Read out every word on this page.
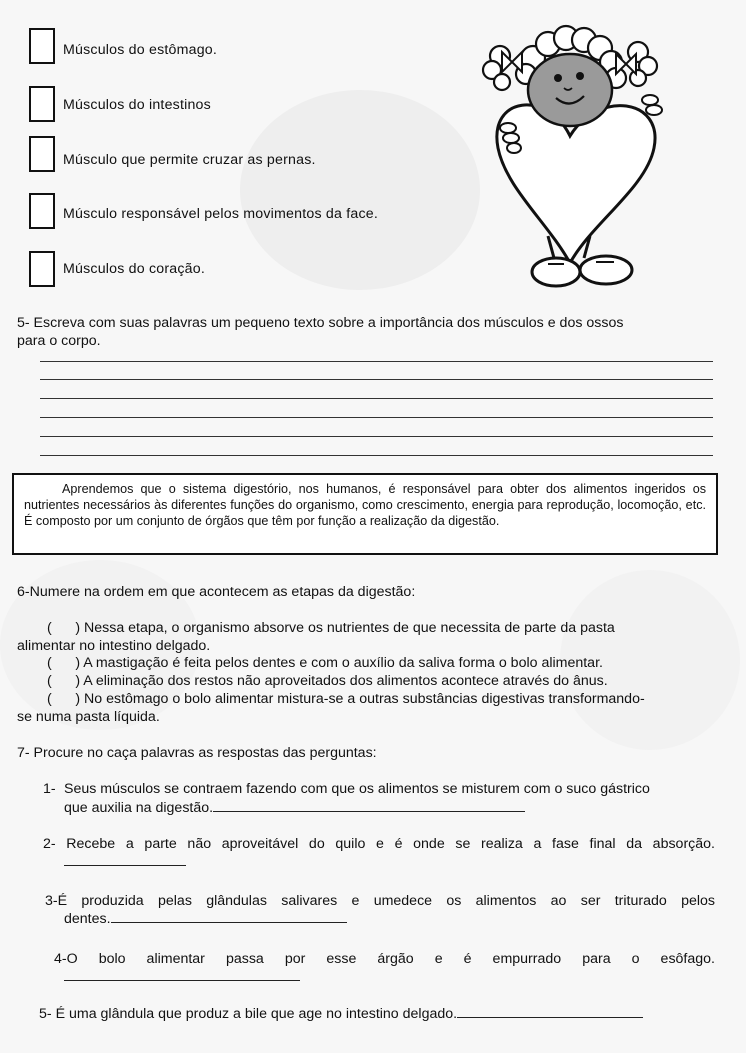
Músculos do estômago.
Músculos do intestinos
Músculo que permite cruzar as pernas.
Músculo responsável pelos movimentos da face.
Músculos do coração.
5- Escreva com suas palavras um pequeno texto sobre a importância dos músculos e dos ossos
para o corpo.

Aprendemos que o sistema digestório, nos humanos, é responsável para obter dos alimentos ingeridos os nutrientes necessários às diferentes funções do organismo, como crescimento, energia para reprodução, locomoção, etc. É composto por um conjunto de órgãos que têm por função a realização da digestão.

6-Numere na ordem em que acontecem as etapas da digestão:
(      ) Nessa etapa, o organismo absorve os nutrientes de que necessita de parte da pasta
alimentar no intestino delgado.
(      ) A mastigação é feita pelos dentes e com o auxílio da saliva forma o bolo alimentar.
(      ) A eliminação dos restos não aproveitados dos alimentos acontece através do ânus.
(      ) No estômago o bolo alimentar mistura-se a outras substâncias digestivas transformando-
se numa pasta líquida.
7- Procure no caça palavras as respostas das perguntas:
1- Seus músculos se contraem fazendo com que os alimentos se misturem com o suco gástrico
que auxilia na digestão.
2- Recebe a parte não aproveitável do quilo e é onde se realiza a fase final da absorção.
3-É produzida pelas glândulas salivares e umedece os alimentos ao ser triturado pelos
dentes.
4-O bolo alimentar passa por esse árgão e é empurrado para o esôfago.
5- É uma glândula que produz a bile que age no intestino delgado.
